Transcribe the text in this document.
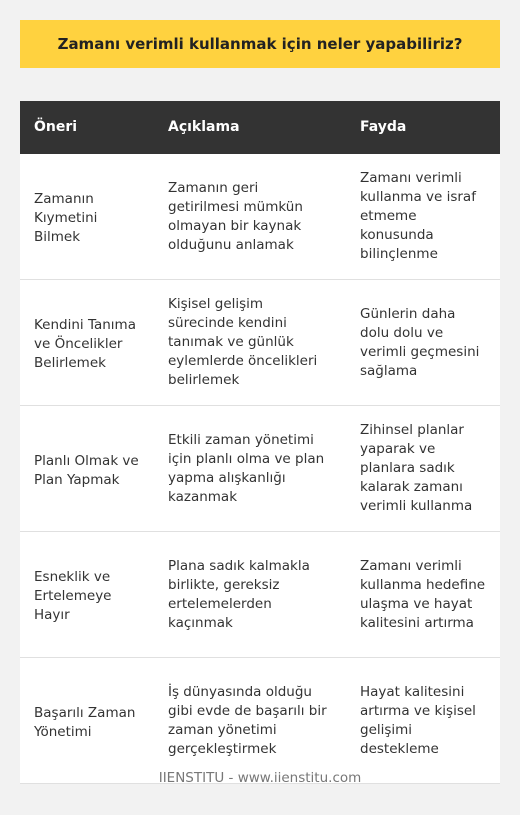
Zamanı verimli kullanmak için neler yapabiliriz?
Öneri	Açıklama	Fayda
Zamanın Kıymetini Bilmek
Zamanın geri getirilmesi mümkün olmayan bir kaynak olduğunu anlamak
Zamanı verimli kullanma ve israf etmeme konusunda bilinçlenme
Kendini Tanıma ve Öncelikler Belirlemek
Kişisel gelişim sürecinde kendini tanımak ve günlük eylemlerde öncelikleri belirlemek
Günlerin daha dolu dolu ve verimli geçmesini sağlama
Planlı Olmak ve Plan Yapmak
Etkili zaman yönetimi için planlı olma ve plan yapma alışkanlığı kazanmak
Zihinsel planlar yaparak ve planlara sadık kalarak zamanı verimli kullanma
Esneklik ve Ertelemeye Hayır
Plana sadık kalmakla birlikte, gereksiz ertelemelerden kaçınmak
Zamanı verimli kullanma hedefine ulaşma ve hayat kalitesini artırma
Başarılı Zaman Yönetimi
İş dünyasında olduğu gibi evde de başarılı bir zaman yönetimi gerçekleştirmek
Hayat kalitesini artırma ve kişisel gelişimi destekleme
IIENSTITU - www.iienstitu.com
